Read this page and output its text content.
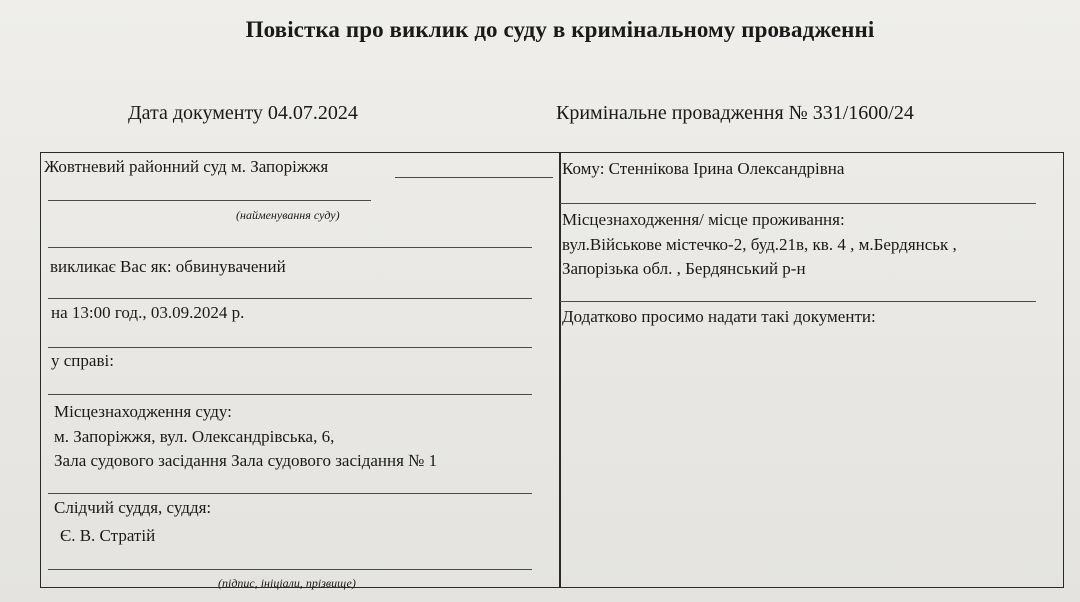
Повістка про виклик до суду в кримінальному провадженні
Дата документу 04.07.2024	Кримінальне провадження № 331/1600/24
Жовтневий районний суд м. Запоріжжя
(найменування суду)
викликає Вас як: обвинувачений
на 13:00 год., 03.09.2024 р.
у справі:
Місцезнаходження суду:
м. Запоріжжя, вул. Олександрівська, 6,
Зала судового засідання Зала судового засідання № 1
Слідчий суддя, суддя:
Є. В. Стратій
(підпис, ініціали, прізвище)
Кому: Стеннікова Ірина Олександрівна
Місцезнаходження/ місце проживання:
вул.Військове містечко-2, буд.21в, кв. 4 , м.Бердянськ ,
Запорізька обл. , Бердянський р-н
Додатково просимо надати такі документи:
